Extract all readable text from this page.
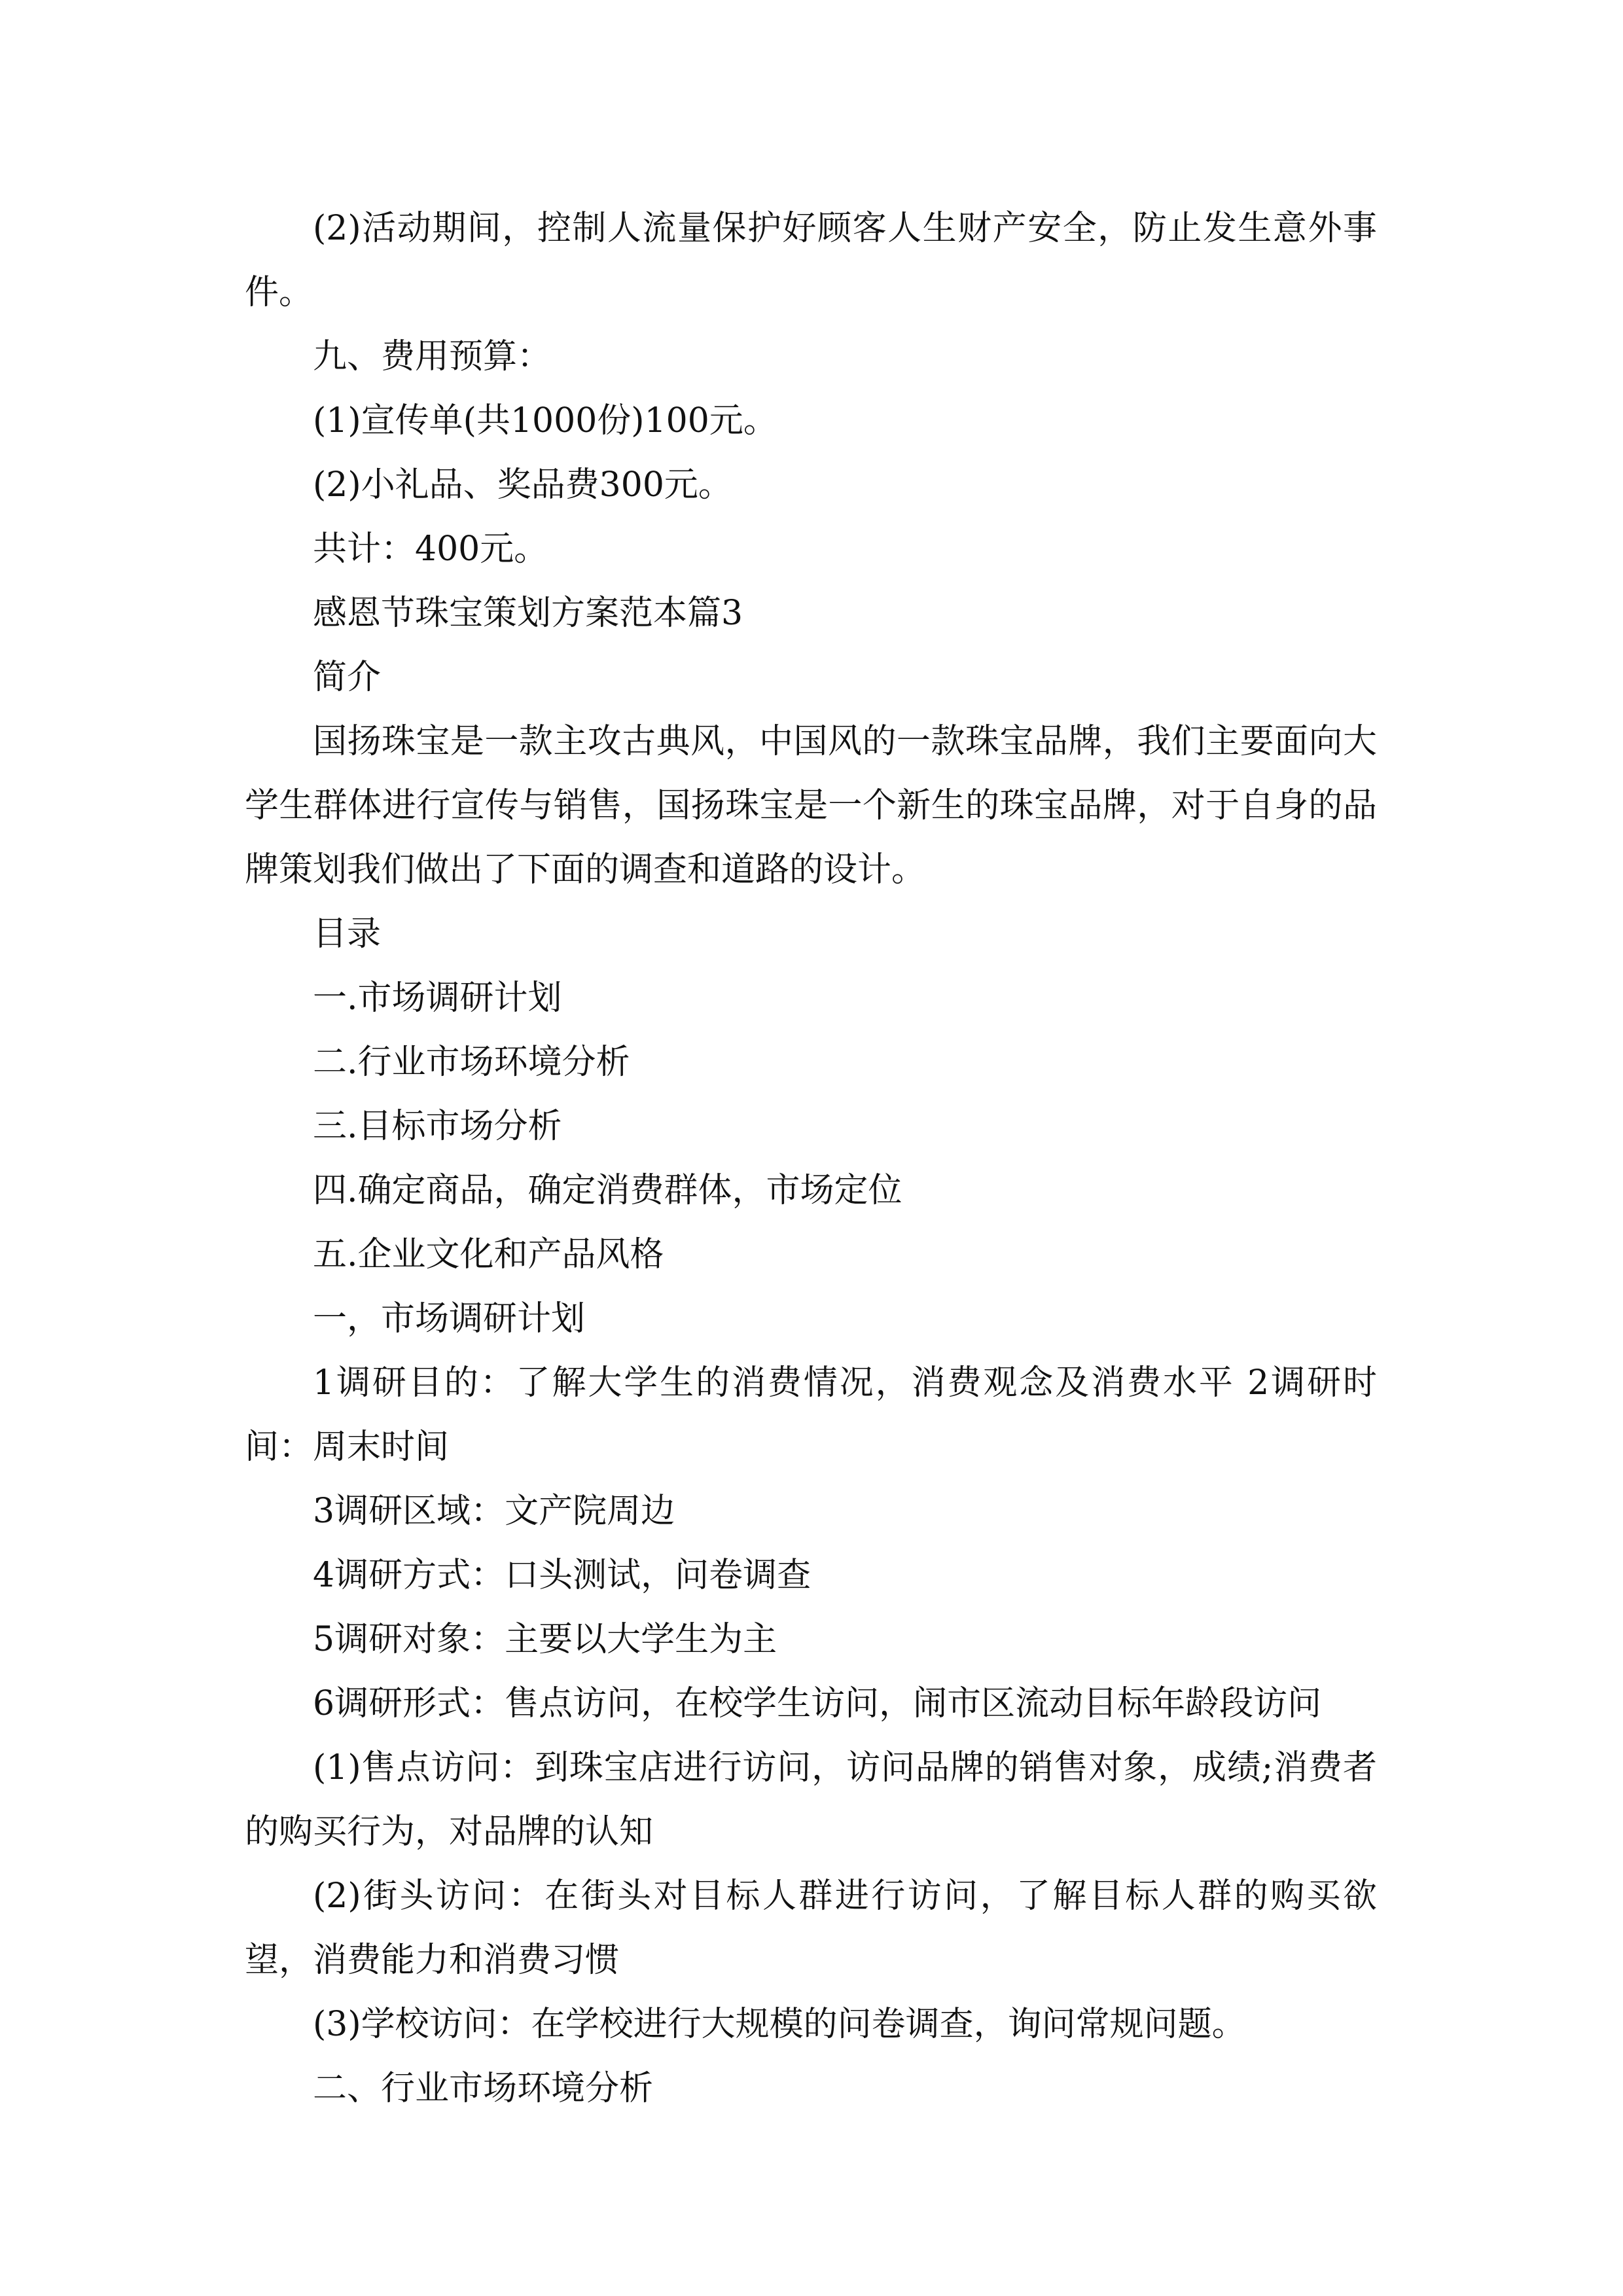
(2)活动期间，控制人流量保护好顾客人生财产安全，防止发生意外事件。

九、费用预算：

(1)宣传单(共1000份)100元。

(2)小礼品、奖品费300元。

共计：400元。

感恩节珠宝策划方案范本篇3

简介

国扬珠宝是一款主攻古典风，中国风的一款珠宝品牌，我们主要面向大学生群体进行宣传与销售，国扬珠宝是一个新生的珠宝品牌，对于自身的品牌策划我们做出了下面的调查和道路的设计。

目录

一.市场调研计划

二.行业市场环境分析

三.目标市场分析

四.确定商品，确定消费群体，市场定位

五.企业文化和产品风格

一，市场调研计划

1调研目的：了解大学生的消费情况，消费观念及消费水平 2调研时间：周末时间

3调研区域：文产院周边

4调研方式：口头测试，问卷调查

5调研对象：主要以大学生为主

6调研形式：售点访问，在校学生访问，闹市区流动目标年龄段访问

(1)售点访问：到珠宝店进行访问，访问品牌的销售对象，成绩;消费者的购买行为，对品牌的认知

(2)街头访问：在街头对目标人群进行访问，了解目标人群的购买欲望，消费能力和消费习惯

(3)学校访问：在学校进行大规模的问卷调查，询问常规问题。

二、行业市场环境分析
